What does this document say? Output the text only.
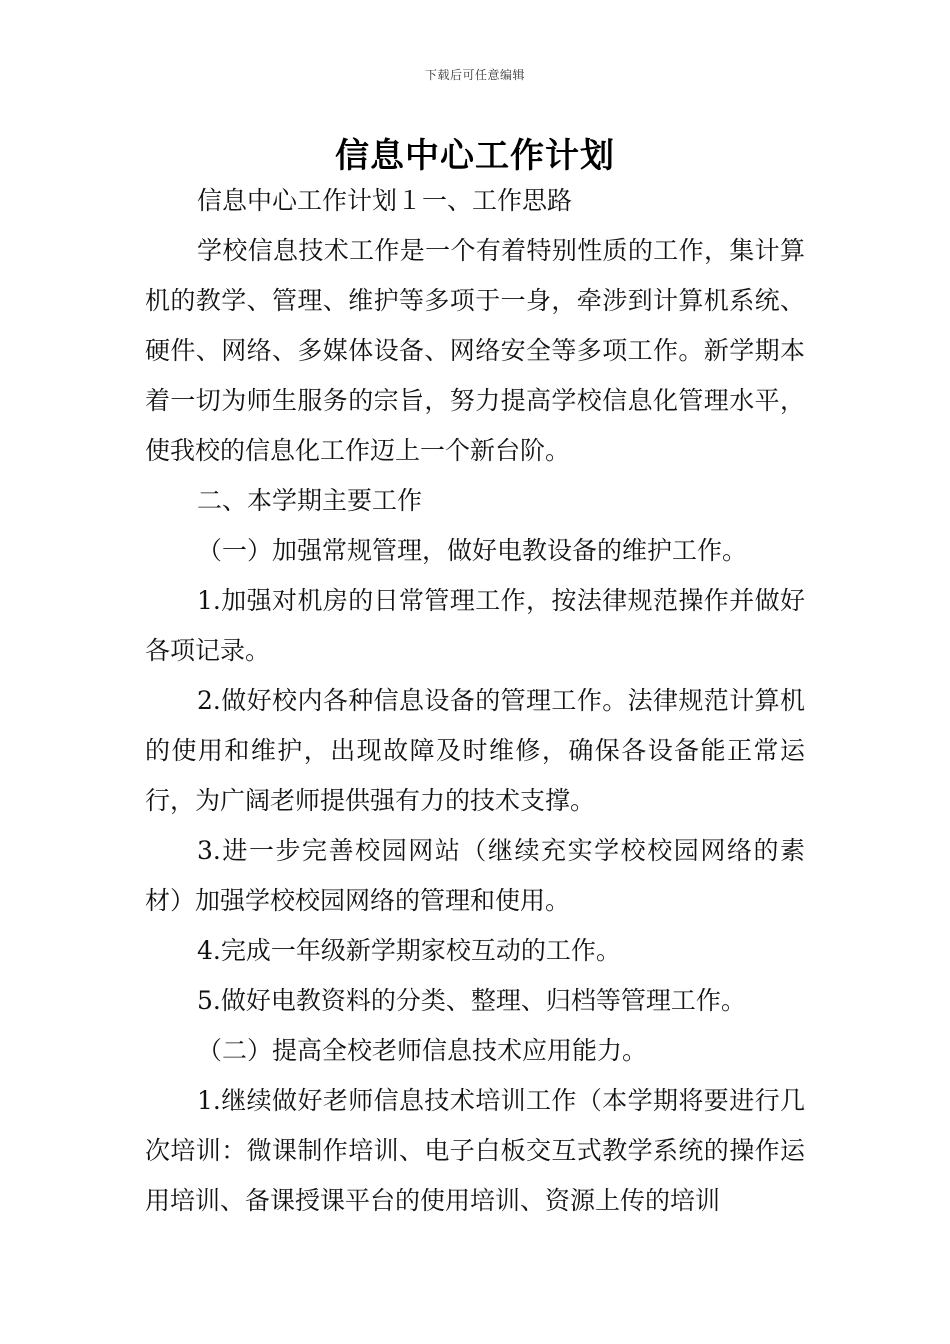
下载后可任意编辑
信息中心工作计划

信息中心工作计划１一、工作思路

学校信息技术工作是一个有着特别性质的工作，集计算机的教学、管理、维护等多项于一身，牵涉到计算机系统、硬件、网络、多媒体设备、网络安全等多项工作。新学期本着一切为师生服务的宗旨，努力提高学校信息化管理水平，使我校的信息化工作迈上一个新台阶。

二、本学期主要工作

（一）加强常规管理，做好电教设备的维护工作。

1.加强对机房的日常管理工作，按法律规范操作并做好各项记录。

2.做好校内各种信息设备的管理工作。法律规范计算机的使用和维护，出现故障及时维修，确保各设备能正常运行，为广阔老师提供强有力的技术支撑。

3.进一步完善校园网站（继续充实学校校园网络的素材）加强学校校园网络的管理和使用。

4.完成一年级新学期家校互动的工作。

5.做好电教资料的分类、整理、归档等管理工作。

（二）提高全校老师信息技术应用能力。

1.继续做好老师信息技术培训工作（本学期将要进行几次培训：微课制作培训、电子白板交互式教学系统的操作运用培训、备课授课平台的使用培训、资源上传的培训
